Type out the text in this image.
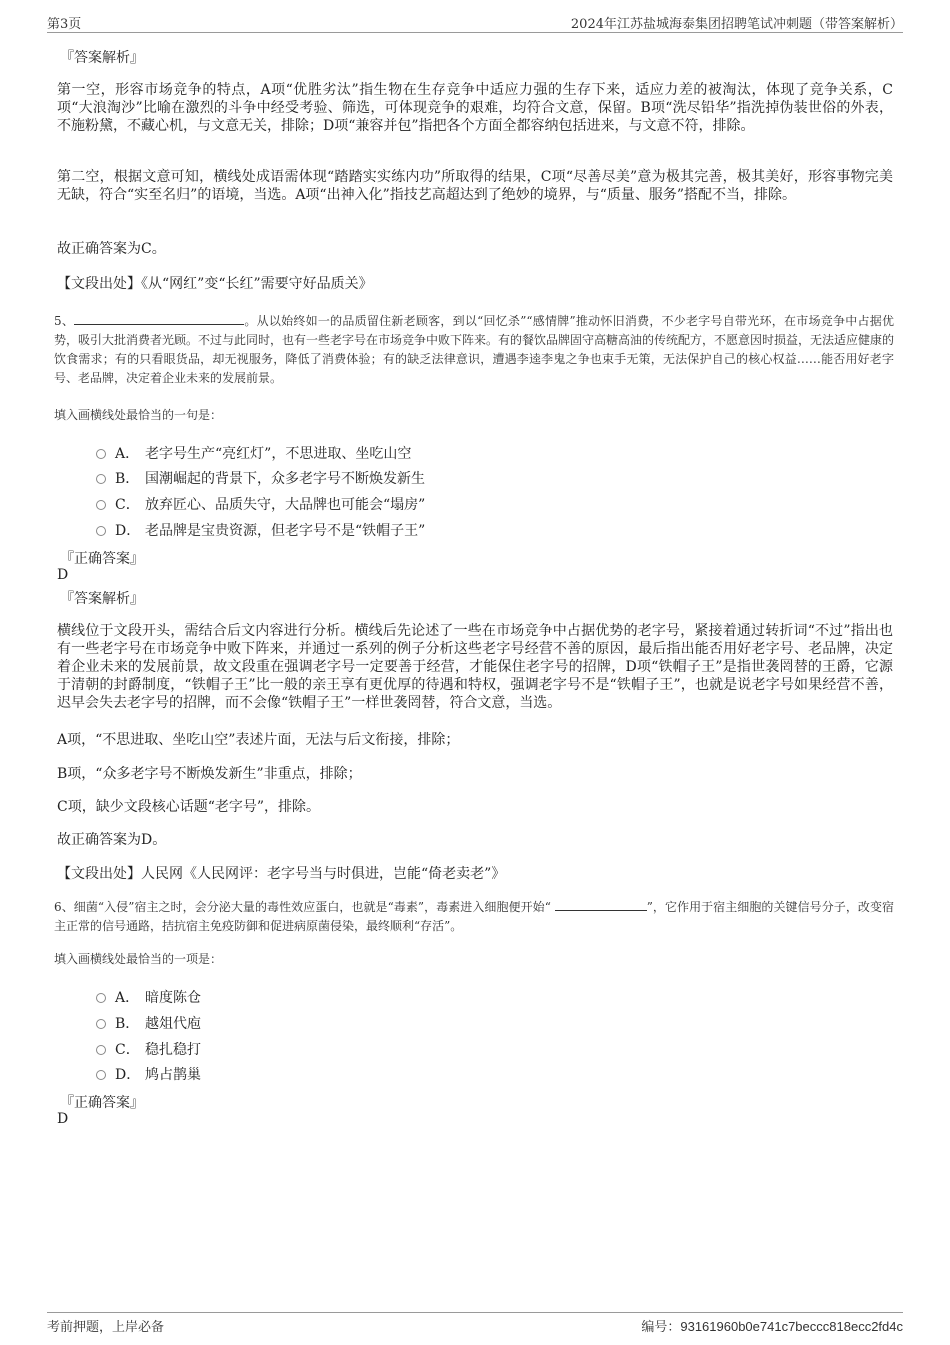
第3页	2024年江苏盐城海泰集团招聘笔试冲刺题（带答案解析）
『答案解析』
第一空，形容市场竞争的特点，A项“优胜劣汰”指生物在生存竞争中适应力强的生存下来，适应力差的被淘汰，体现了竞争关系，C项“大浪淘沙”比喻在激烈的斗争中经受考验、筛选，可体现竞争的艰难，均符合文意，保留。B项“洗尽铅华”指洗掉伪装世俗的外表，不施粉黛，不藏心机，与文意无关，排除；D项“兼容并包”指把各个方面全都容纳包括进来，与文意不符，排除。
第二空，根据文意可知，横线处成语需体现“踏踏实实练内功”所取得的结果，C项“尽善尽美”意为极其完善，极其美好，形容事物完美无缺，符合“实至名归”的语境，当选。A项“出神入化”指技艺高超达到了绝妙的境界，与“质量、服务”搭配不当，排除。
故正确答案为C。
【文段出处】《从“网红”变“长红”需要守好品质关》
5、	。从以始终如一的品质留住新老顾客，到以“回忆杀”“感情牌”推动怀旧消费，不少老字号自带光环，在市场竞争中占据优势，吸引大批消费者光顾。不过与此同时，也有一些老字号在市场竞争中败下阵来。有的餐饮品牌固守高糖高油的传统配方，不愿意因时损益，无法适应健康的饮食需求；有的只看眼货品，却无视服务，降低了消费体验；有的缺乏法律意识，遭遇李逵李鬼之争也束手无策，无法保护自己的核心权益……能否用好老字号、老品牌，决定着企业未来的发展前景。
填入画横线处最恰当的一句是：
A． 老字号生产“亮红灯”，不思进取、坐吃山空
B． 国潮崛起的背景下，众多老字号不断焕发新生
C． 放弃匠心、品质失守，大品牌也可能会“塌房”
D． 老品牌是宝贵资源，但老字号不是“铁帽子王”
『正确答案』
D
『答案解析』
横线位于文段开头，需结合后文内容进行分析。横线后先论述了一些在市场竞争中占据优势的老字号，紧接着通过转折词“不过”指出也有一些老字号在市场竞争中败下阵来，并通过一系列的例子分析这些老字号经营不善的原因，最后指出能否用好老字号、老品牌，决定着企业未来的发展前景，故文段重在强调老字号一定要善于经营，才能保住老字号的招牌，D项“铁帽子王”是指世袭罔替的王爵，它源于清朝的封爵制度，“铁帽子王”比一般的亲王享有更优厚的待遇和特权，强调老字号不是“铁帽子王”，也就是说老字号如果经营不善，迟早会失去老字号的招牌，而不会像“铁帽子王”一样世袭罔替，符合文意，当选。
A项，“不思进取、坐吃山空”表述片面，无法与后文衔接，排除；
B项，“众多老字号不断焕发新生”非重点，排除；
C项，缺少文段核心话题“老字号”，排除。
故正确答案为D。
【文段出处】人民网《人民网评：老字号当与时俱进，岂能“倚老卖老”》
6、细菌“入侵”宿主之时，会分泌大量的毒性效应蛋白，也就是“毒素”，毒素进入细胞便开始“	”，它作用于宿主细胞的关键信号分子，改变宿主正常的信号通路，拮抗宿主免疫防御和促进病原菌侵染，最终顺利“存活”。
填入画横线处最恰当的一项是：
A． 暗度陈仓
B． 越俎代庖
C． 稳扎稳打
D． 鸠占鹊巢
『正确答案』
D
考前押题，上岸必备	编号：93161960b0e741c7beccc818ecc2fd4c
